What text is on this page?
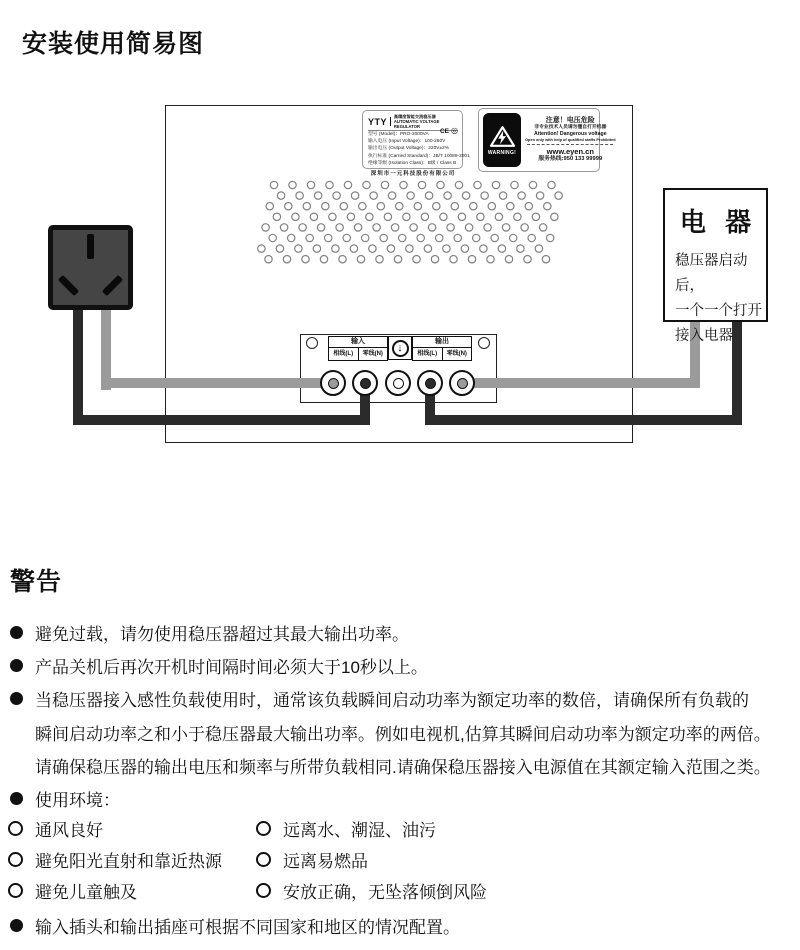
安装使用简易图
YTY 高精度智能交流稳压器
AUTOMATIC VOLTAGE REGULATOR
型号 (Model)：PRO-2000VA
输入电压 (Input Voltage)：100-250V
输出电压 (Output Voltage)：220V±2%
执行标准 (Carried Standard)：JB/T 10089-2001
绝缘等级 (Isolation Class)：B级 / Class B
CE ◎
深圳市一元科技股份有限公司
WARNING!
注意！电压危险
非专业技术人员请勿擅自打开机器
Attention! Dangerous voltage
Open only with help of qualified staffs Prohibited
www.eyen.cn
服务热线:950 133 99999
输入
相线(L)	零线(N)
↓	输出
相线(L)	零线(N)
电 器
稳压器启动后，
一个一个打开
接入电器
警告
避免过载，请勿使用稳压器超过其最大输出功率。
产品关机后再次开机时间隔时间必须大于10秒以上。
当稳压器接入感性负载使用时，通常该负载瞬间启动功率为额定功率的数倍，请确保所有负载的
瞬间启动功率之和小于稳压器最大输出功率。例如电视机,估算其瞬间启动功率为额定功率的两倍。
请确保稳压器的输出电压和频率与所带负载相同.请确保稳压器接入电源值在其额定输入范围之类。
使用环境：
通风良好	远离水、潮湿、油污
避免阳光直射和靠近热源	远离易燃品
避免儿童触及	安放正确，无坠落倾倒风险
输入插头和输出插座可根据不同国家和地区的情况配置。
